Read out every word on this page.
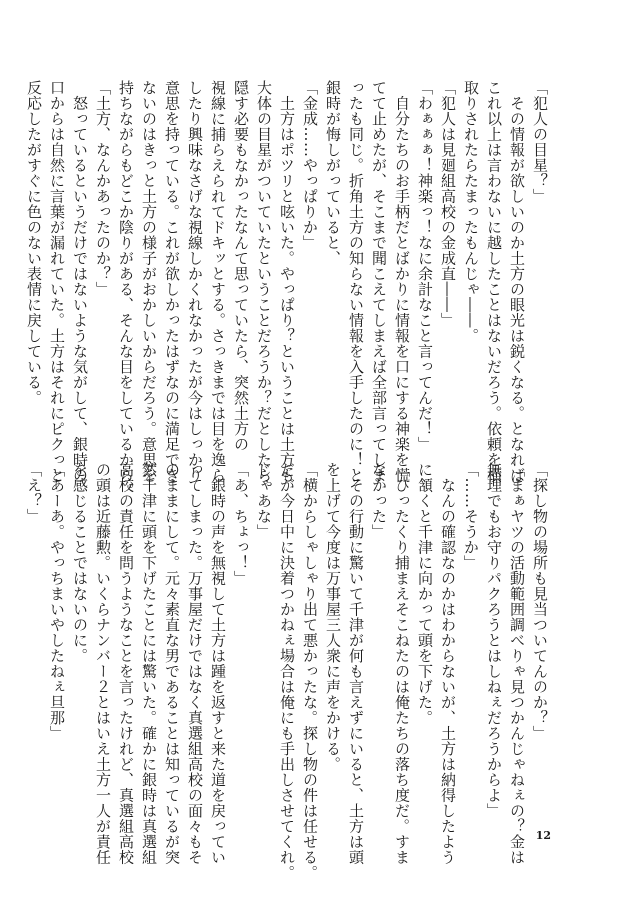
「犯人の目星？」
　その情報が欲しいのか土方の眼光は鋭くなる。となれば
これ以上は言わないに越したことはないだろう。依頼を横
取りされたらたまったもんじゃ――。
「犯人は見廻組高校の金成直――」
「わぁぁぁ！神楽っ！なに余計なこと言ってんだ！」
　自分たちのお手柄だとばかりに情報を口にする神楽を慌
てて止めたが、そこまで聞こえてしまえば全部言ってしま
ったも同じ。折角土方の知らない情報を入手したのに！と
銀時が悔しがっていると、
「金成……やっぱりか」
　土方はポツリと呟いた。やっぱり？ということは土方も
大体の目星がついていたということだろうか？だとしたら
隠す必要もなかったなんて思っていたら、突然土方の
視線に捕らえられてドキッとする。さっきまでは目を逸ら
したり興味なさげな視線しかくれなかったが今はしっかり
意思を持っている。これが欲しかったはずなのに満足でき
ないのはきっと土方の様子がおかしいからだろう。意思を
持ちながらもどこか陰りがある、そんな目をしているから。
「土方、なんかあったのか？」
　怒っているというだけではないような気がして、銀時の
口からは自然に言葉が漏れていた。土方はそれにピクっと
反応したがすぐに色のない表情に戻している。
「探し物の場所も見当ついてんのか？」
「まぁヤツの活動範囲調べりゃ見つかんじゃねぇの？金は
無理でもお守りパクろうとはしねぇだろうからよ」
「……そうか」
　なんの確認なのかはわからないが、土方は納得したよう
に頷くと千津に向かって頭を下げた。
「ひったくり捕まえそこねたのは俺たちの落ち度だ。すま
なかった」
　その行動に驚いて千津が何も言えずにいると、土方は頭
を上げて今度は万事屋三人衆に声をかける。
「横からしゃしゃり出て悪かったな。探し物の件は任せる。
だが今日中に決着つかねぇ場合は俺にも手出しさせてくれ。
じゃあな」
「あ、ちょっ！」
　銀時の声を無視して土方は踵を返すと来た道を戻ってい
ってしまった。万事屋だけではなく真選組高校の面々もそ
のままにして。元々素直な男であることは知っているが突
然千津に頭を下げたことには驚いた。確かに銀時は真選組
高校の責任を問うようなことを言ったけれど、真選組高校
の頭は近藤勲。いくらナンバー２とはいえ土方一人が責任
を感じることではないのに。
「あーあ。やっちまいやしたねぇ旦那」
「え？」
12
